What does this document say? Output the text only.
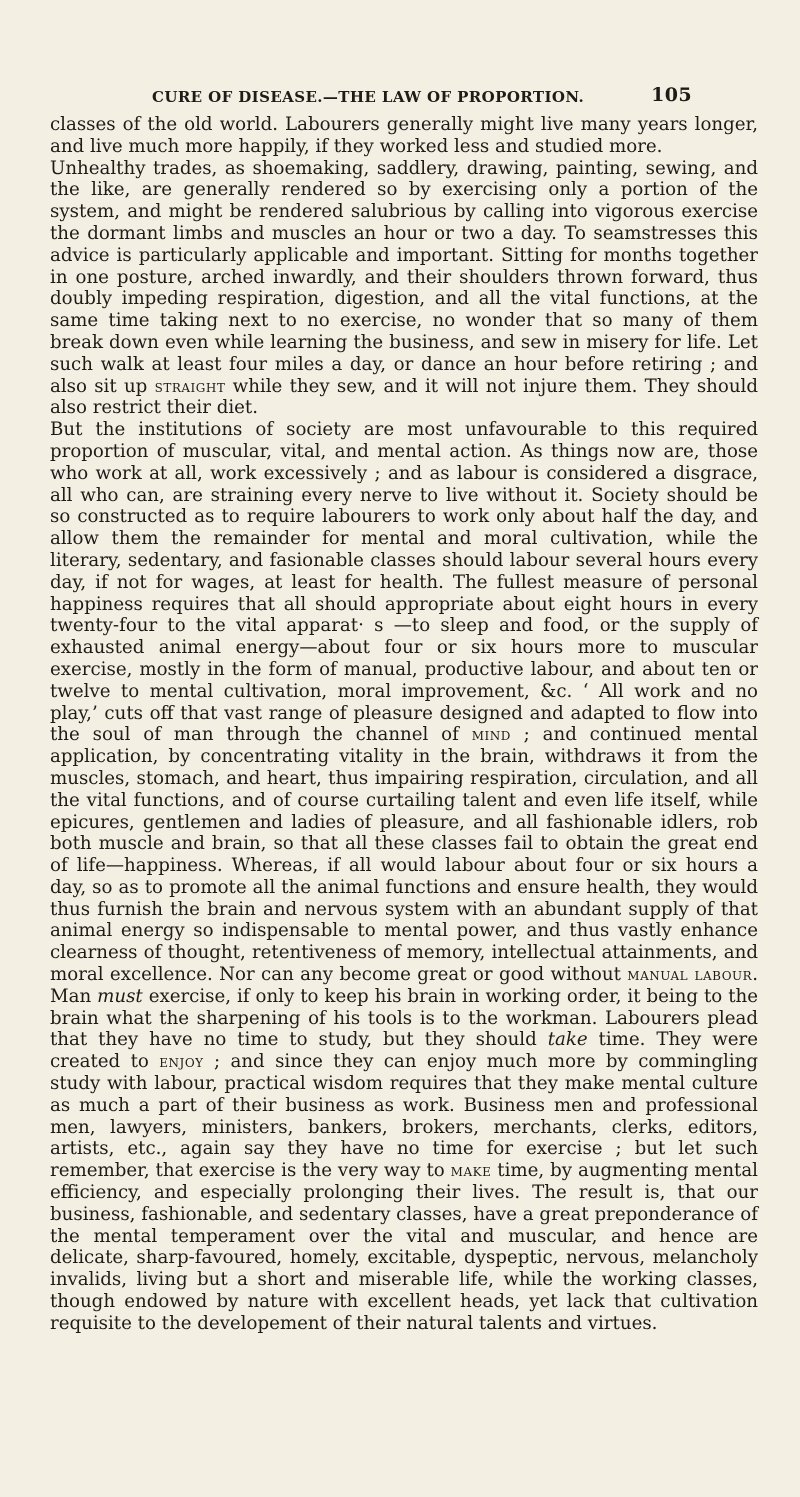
CURE OF DISEASE.—THE LAW OF PROPORTION.	105

classes of the old world. Labourers generally might live many years longer, and live much more happily, if they worked less and studied more.

Unhealthy trades, as shoemaking, saddlery, drawing, painting, sewing, and the like, are generally rendered so by exercising only a portion of the system, and might be rendered salubrious by calling into vigorous exercise the dormant limbs and muscles an hour or two a day. To seamstresses this advice is particularly applicable and important. Sitting for months together in one posture, arched inwardly, and their shoulders thrown forward, thus doubly impeding respiration, digestion, and all the vital functions, at the same time taking next to no exercise, no wonder that so many of them break down even while learning the business, and sew in misery for life. Let such walk at least four miles a day, or dance an hour before retiring ; and also sit up straight while they sew, and it will not injure them. They should also restrict their diet.

But the institutions of society are most unfavourable to this required proportion of muscular, vital, and mental action. As things now are, those who work at all, work excessively ; and as labour is considered a disgrace, all who can, are straining every nerve to live without it. Society should be so constructed as to require labourers to work only about half the day, and allow them the remainder for mental and moral cultivation, while the literary, sedentary, and fasionable classes should labour several hours every day, if not for wages, at least for health. The fullest measure of personal happiness requires that all should appropriate about eight hours in every twenty-four to the vital apparat· s —to sleep and food, or the supply of exhausted animal energy—about four or six hours more to muscular exercise, mostly in the form of manual, productive labour, and about ten or twelve to mental cultivation, moral improvement, &c. ‘ All work and no play,’ cuts off that vast range of pleasure designed and adapted to flow into the soul of man through the channel of mind ; and continued mental application, by concentrating vitality in the brain, withdraws it from the muscles, stomach, and heart, thus impairing respiration, circulation, and all the vital functions, and of course curtailing talent and even life itself, while epicures, gentlemen and ladies of pleasure, and all fashionable idlers, rob both muscle and brain, so that all these classes fail to obtain the great end of life—happiness. Whereas, if all would labour about four or six hours a day, so as to promote all the animal functions and ensure health, they would thus furnish the brain and nervous system with an abundant supply of that animal energy so indispensable to mental power, and thus vastly enhance clearness of thought, retentiveness of memory, intellectual attainments, and moral excellence. Nor can any become great or good without manual labour. Man must exercise, if only to keep his brain in working order, it being to the brain what the sharpening of his tools is to the workman. Labourers plead that they have no time to study, but they should take time. They were created to enjoy ; and since they can enjoy much more by commingling study with labour, practical wisdom requires that they make mental culture as much a part of their business as work. Business men and professional men, lawyers, ministers, bankers, brokers, merchants, clerks, editors, artists, etc., again say they have no time for exercise ; but let such remember, that exercise is the very way to make time, by augmenting mental efficiency, and especially prolonging their lives. The result is, that our business, fashionable, and sedentary classes, have a great preponderance of the mental temperament over the vital and muscular, and hence are delicate, sharp-favoured, homely, excitable, dyspeptic, nervous, melancholy invalids, living but a short and miserable life, while the working classes, though endowed by nature with excellent heads, yet lack that cultivation requisite to the developement of their natural talents and virtues.
